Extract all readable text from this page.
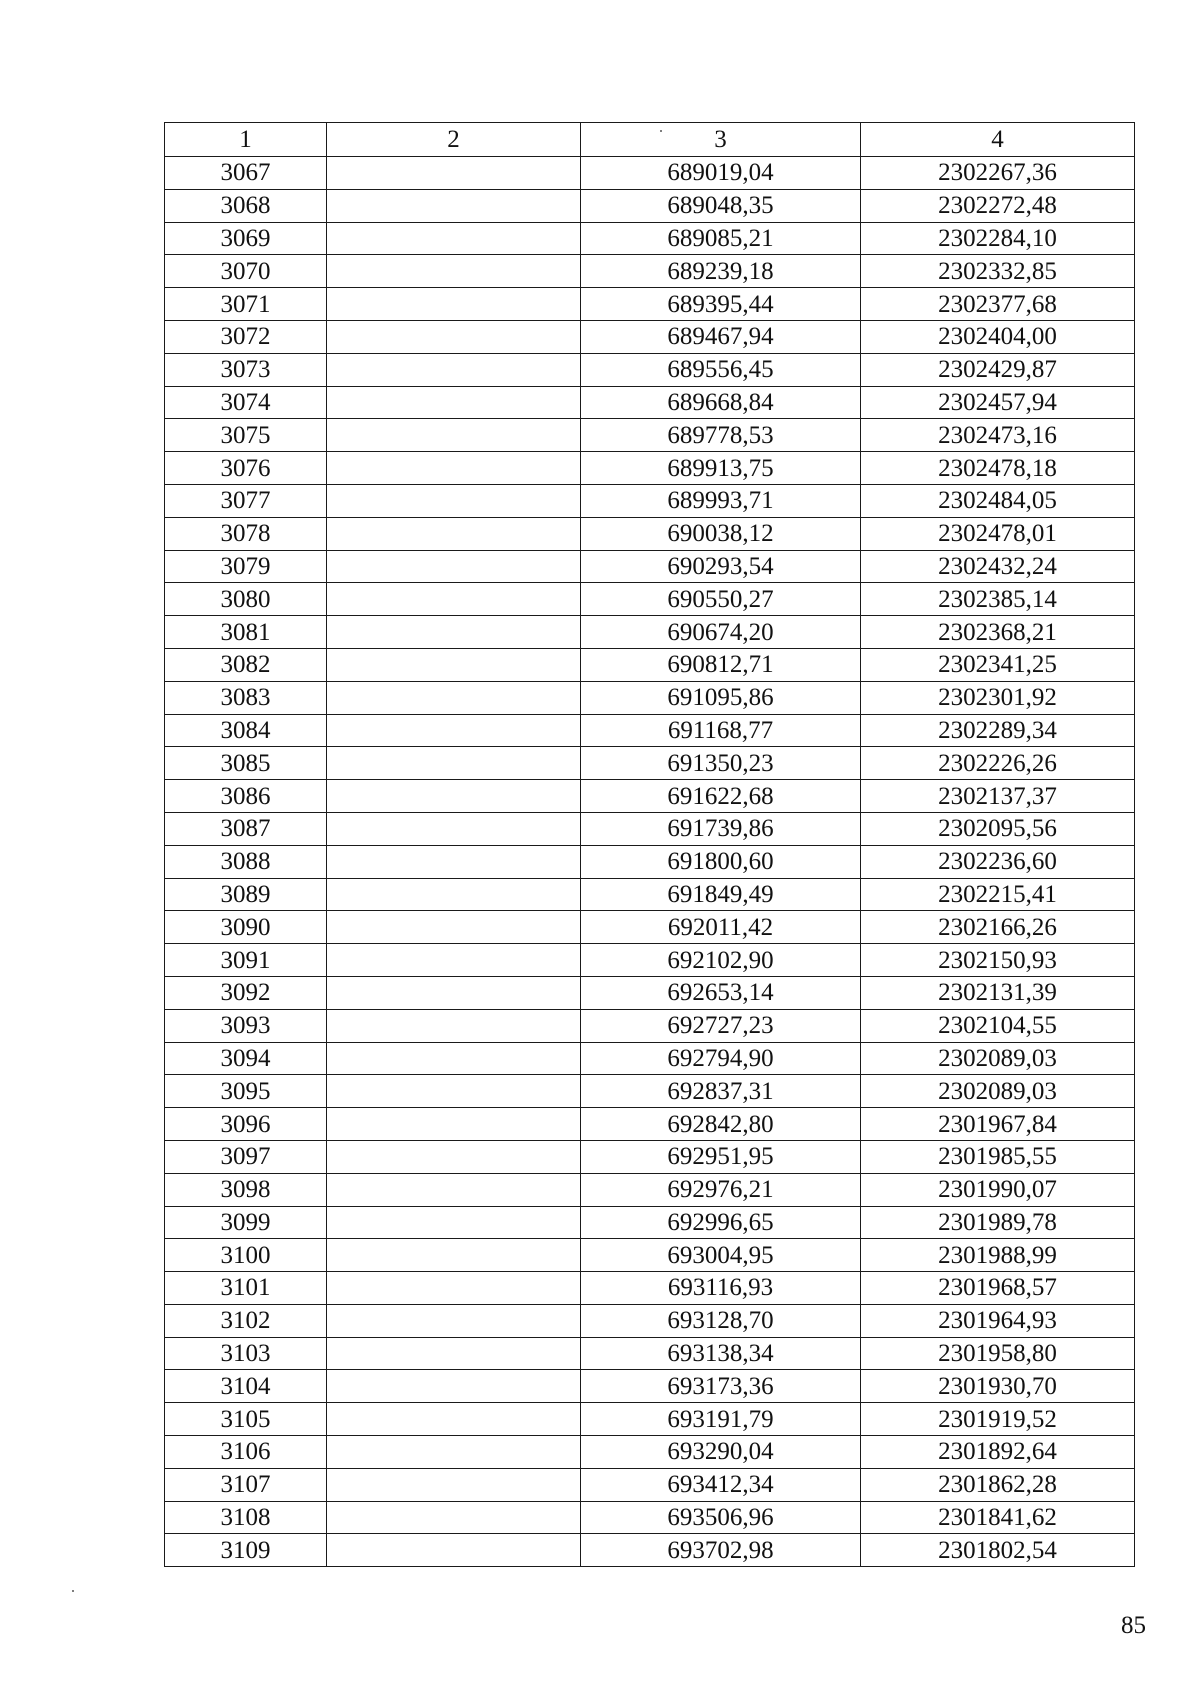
1	2	3	4
3067		689019,04	2302267,36
3068		689048,35	2302272,48
3069		689085,21	2302284,10
3070		689239,18	2302332,85
3071		689395,44	2302377,68
3072		689467,94	2302404,00
3073		689556,45	2302429,87
3074		689668,84	2302457,94
3075		689778,53	2302473,16
3076		689913,75	2302478,18
3077		689993,71	2302484,05
3078		690038,12	2302478,01
3079		690293,54	2302432,24
3080		690550,27	2302385,14
3081		690674,20	2302368,21
3082		690812,71	2302341,25
3083		691095,86	2302301,92
3084		691168,77	2302289,34
3085		691350,23	2302226,26
3086		691622,68	2302137,37
3087		691739,86	2302095,56
3088		691800,60	2302236,60
3089		691849,49	2302215,41
3090		692011,42	2302166,26
3091		692102,90	2302150,93
3092		692653,14	2302131,39
3093		692727,23	2302104,55
3094		692794,90	2302089,03
3095		692837,31	2302089,03
3096		692842,80	2301967,84
3097		692951,95	2301985,55
3098		692976,21	2301990,07
3099		692996,65	2301989,78
3100		693004,95	2301988,99
3101		693116,93	2301968,57
3102		693128,70	2301964,93
3103		693138,34	2301958,80
3104		693173,36	2301930,70
3105		693191,79	2301919,52
3106		693290,04	2301892,64
3107		693412,34	2301862,28
3108		693506,96	2301841,62
3109		693702,98	2301802,54
85
